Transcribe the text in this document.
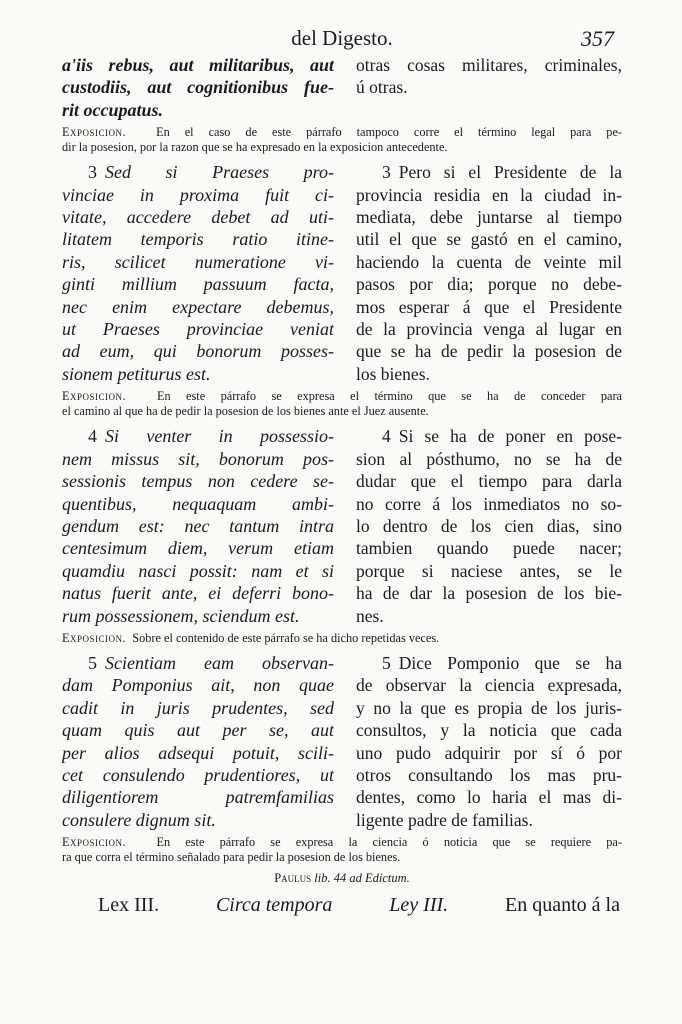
del Digesto.	357
a'iis rebus, aut militaribus, aut
custodiis, aut cognitionibus fue-
rit occupatus.
otras cosas militares, criminales,
ú otras.
Exposicion. En el caso de este párrafo tampoco corre el término legal para pe-
dir la posesion, por la razon que se ha expresado en la exposicion antecedente.
3 Sed si Praeses pro-
vinciae in proxima fuit ci-
vitate, accedere debet ad uti-
litatem temporis ratio itine-
ris, scilicet numeratione vi-
ginti millium passuum facta,
nec enim expectare debemus,
ut Praeses provinciae veniat
ad eum, qui bonorum posses-
sionem petiturus est.
3 Pero si el Presidente de la
provincia residia en la ciudad in-
mediata, debe juntarse al tiempo
util el que se gastó en el camino,
haciendo la cuenta de veinte mil
pasos por dia; porque no debe-
mos esperar á que el Presidente
de la provincia venga al lugar en
que se ha de pedir la posesion de
los bienes.
Exposicion.	En este párrafo se expresa el término que se ha de conceder para
el camino al que ha de pedir la posesion de los bienes ante el Juez ausente.
4 Si venter in possessio-
nem missus sit, bonorum pos-
sessionis tempus non cedere se-
quentibus, nequaquam ambi-
gendum est: nec tantum intra
centesimum diem, verum etiam
quamdiu nasci possit: nam et si
natus fuerit ante, ei deferri bono-
rum possessionem, sciendum est.
4 Si se ha de poner en pose-
sion al pósthumo, no se ha de
dudar que el tiempo para darla
no corre á los inmediatos no so-
lo dentro de los cien dias, sino
tambien quando puede nacer;
porque si naciese antes, se le
ha de dar la posesion de los bie-
nes.
Exposicion. Sobre el contenido de este párrafo se ha dicho repetidas veces.
5 Scientiam eam observan-
dam Pomponius ait, non quae
cadit in juris prudentes, sed
quam quis aut per se, aut
per alios adsequi potuit, scili-
cet consulendo prudentiores, ut
diligentiorem patremfamilias
consulere dignum sit.
5 Dice Pomponio que se ha
de observar la ciencia expresada,
y no la que es propia de los juris-
consultos, y la noticia que cada
uno pudo adquirir por sí ó por
otros consultando los mas pru-
dentes, como lo haria el mas di-
ligente padre de familias.
Exposicion. En este párrafo se expresa la ciencia ó noticia que se requiere pa-
ra que corra el término señalado para pedir la posesion de los bienes.
Paulus lib. 44 ad Edictum.
Lex III.	Circa tempora	Ley III.	En quanto á la
